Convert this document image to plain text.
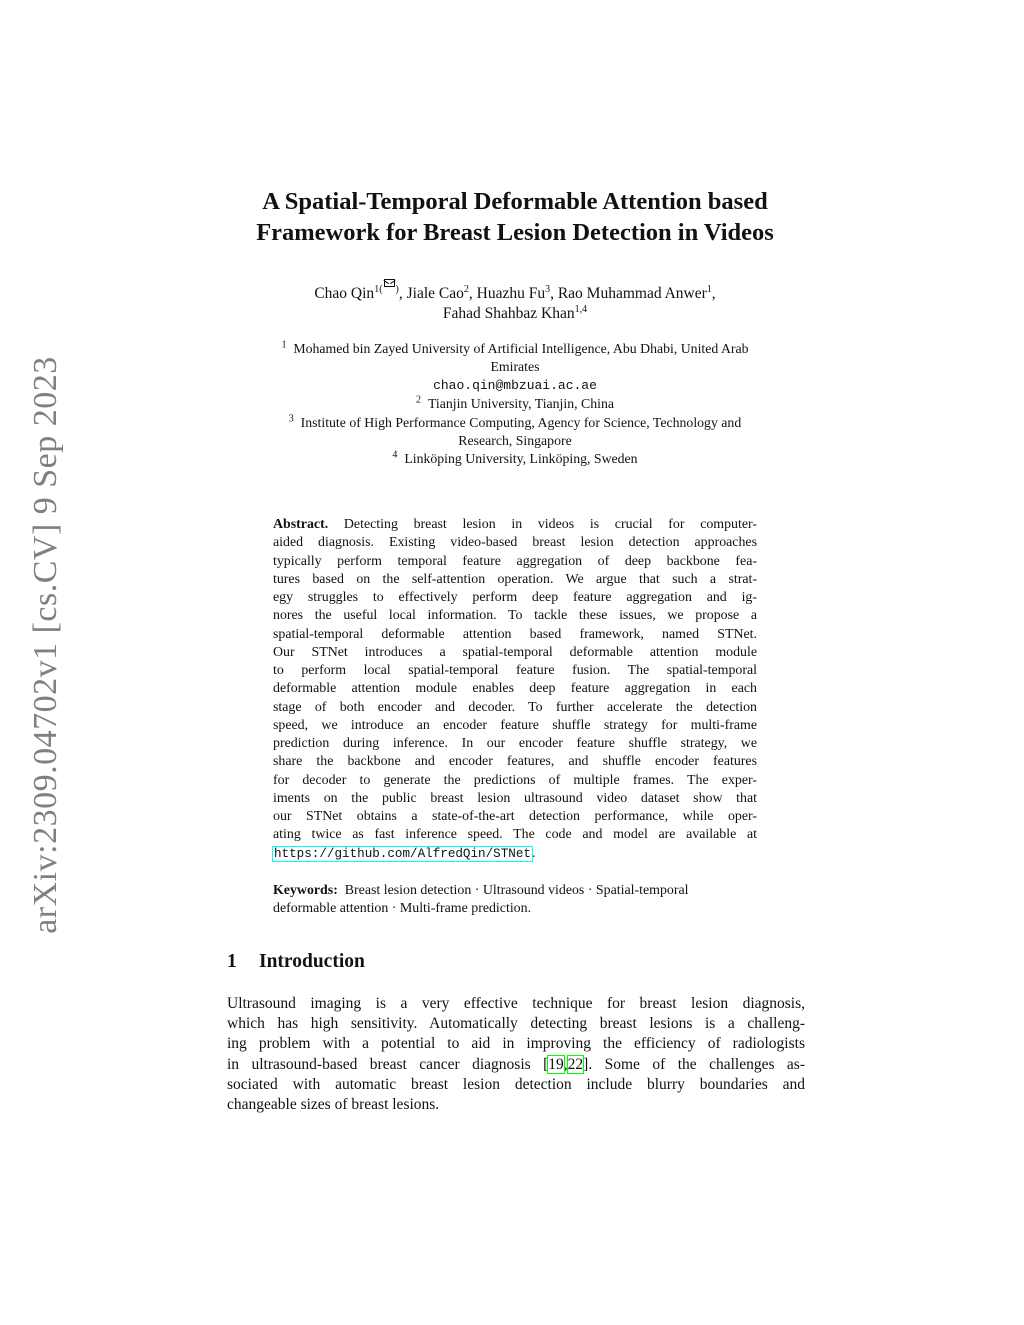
arXiv:2309.04702v1 [cs.CV] 9 Sep 2023
A Spatial-Temporal Deformable Attention based
Framework for Breast Lesion Detection in Videos
Chao Qin$^{1( )}$, Jiale Cao$^2$, Huazhu Fu$^3$, Rao Muhammad Anwer$^1$,
Fahad Shahbaz Khan$^{1,4}$
$^1$ Mohamed bin Zayed University of Artificial Intelligence, Abu Dhabi, United Arab
Emirates
chao.qin@mbzuai.ac.ae
$^2$ Tianjin University, Tianjin, China
$^3$ Institute of High Performance Computing, Agency for Science, Technology and
Research, Singapore
$^4$ Linköping University, Linköping, Sweden
Abstract. Detecting breast lesion in videos is crucial for computer-
aided diagnosis. Existing video-based breast lesion detection approaches
typically perform temporal feature aggregation of deep backbone fea-
tures based on the self-attention operation. We argue that such a strat-
egy struggles to effectively perform deep feature aggregation and ig-
nores the useful local information. To tackle these issues, we propose a
spatial-temporal deformable attention based framework, named STNet.
Our STNet introduces a spatial-temporal deformable attention module
to perform local spatial-temporal feature fusion. The spatial-temporal
deformable attention module enables deep feature aggregation in each
stage of both encoder and decoder. To further accelerate the detection
speed, we introduce an encoder feature shuffle strategy for multi-frame
prediction during inference. In our encoder feature shuffle strategy, we
share the backbone and encoder features, and shuffle encoder features
for decoder to generate the predictions of multiple frames. The exper-
iments on the public breast lesion ultrasound video dataset show that
our STNet obtains a state-of-the-art detection performance, while oper-
ating twice as fast inference speed. The code and model are available at
https://github.com/AlfredQin/STNet.
Keywords: Breast lesion detection · Ultrasound videos · Spatial-temporal
deformable attention · Multi-frame prediction.
1 Introduction
Ultrasound imaging is a very effective technique for breast lesion diagnosis,
which has high sensitivity. Automatically detecting breast lesions is a challeng-
ing problem with a potential to aid in improving the efficiency of radiologists
in ultrasound-based breast cancer diagnosis [19,22]. Some of the challenges as-
sociated with automatic breast lesion detection include blurry boundaries and
changeable sizes of breast lesions.
